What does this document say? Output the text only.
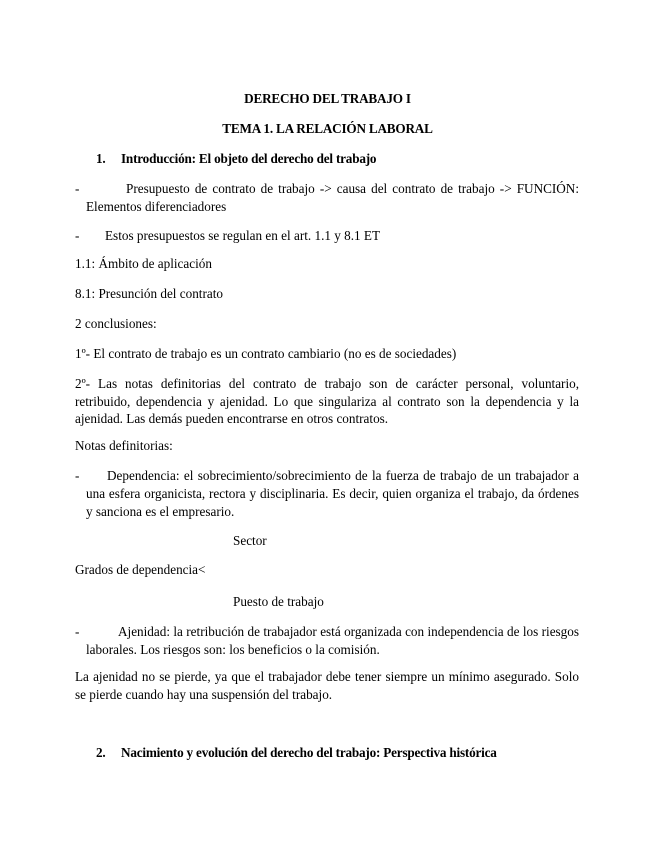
DERECHO DEL TRABAJO I
TEMA 1. LA RELACIÓN LABORAL
1. Introducción: El objeto del derecho del trabajo
-	Presupuesto de contrato de trabajo -> causa del contrato de trabajo -> FUNCIÓN: Elementos diferenciadores
-	Estos presupuestos se regulan en el art. 1.1 y 8.1 ET
1.1: Ámbito de aplicación
8.1: Presunción del contrato
2 conclusiones:
1º- El contrato de trabajo es un contrato cambiario (no es de sociedades)
2º- Las notas definitorias del contrato de trabajo son de carácter personal, voluntario, retribuido, dependencia y ajenidad. Lo que singulariza al contrato son la dependencia y la ajenidad. Las demás pueden encontrarse en otros contratos.
Notas definitorias:
-	Dependencia: el sobrecimiento/sobrecimiento de la fuerza de trabajo de un trabajador a una esfera organicista, rectora y disciplinaria. Es decir, quien organiza el trabajo, da órdenes y sanciona es el empresario.
Sector
Grados de dependencia<
Puesto de trabajo
-	Ajenidad: la retribución de trabajador está organizada con independencia de los riesgos laborales. Los riesgos son: los beneficios o la comisión.
La ajenidad no se pierde, ya que el trabajador debe tener siempre un mínimo asegurado. Solo se pierde cuando hay una suspensión del trabajo.
2. Nacimiento y evolución del derecho del trabajo: Perspectiva histórica
